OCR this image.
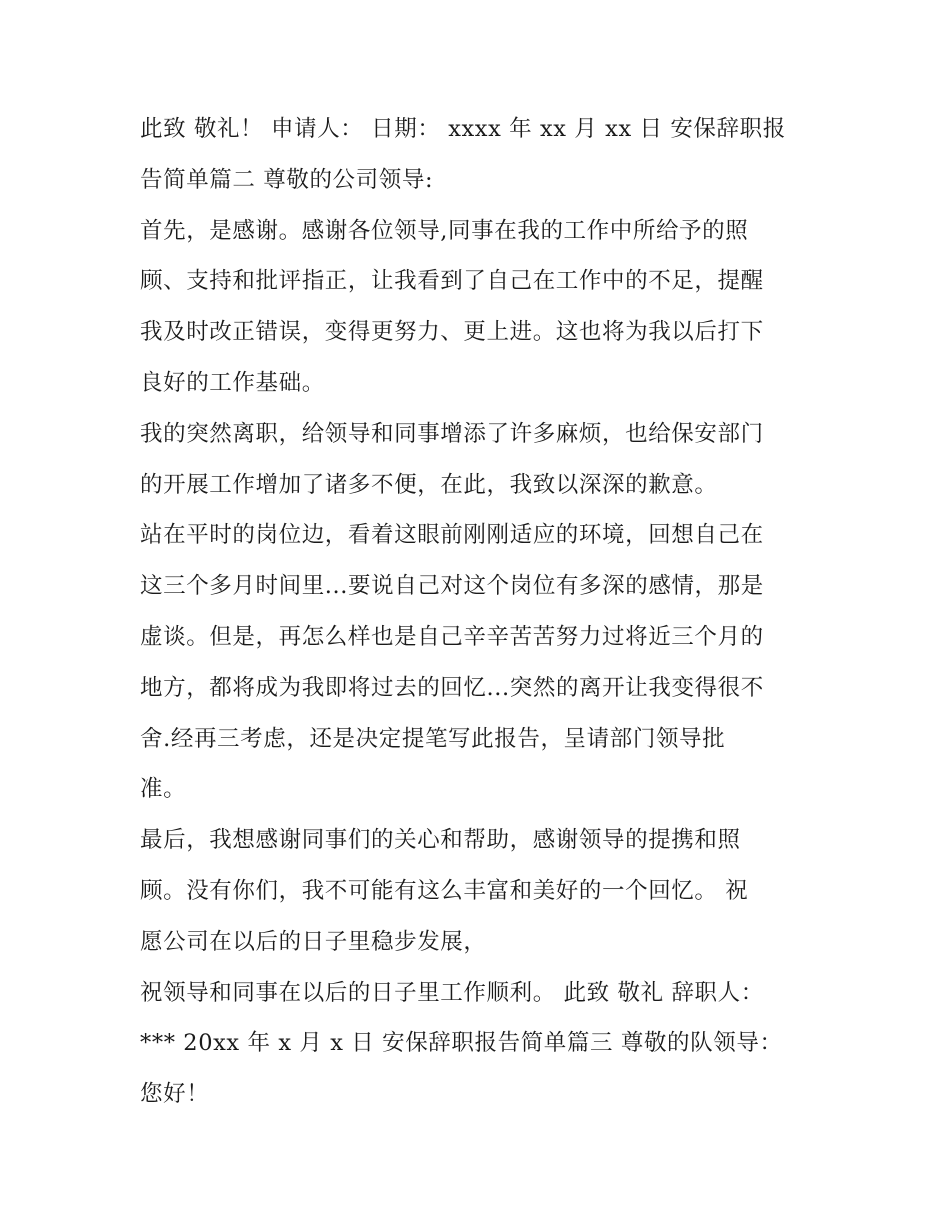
此致 敬礼！ 申请人： 日期： xxxx 年 xx 月 xx 日 安保辞职报
告简单篇二 尊敬的公司领导:
首先，是感谢。感谢各位领导,同事在我的工作中所给予的照
顾、支持和批评指正，让我看到了自己在工作中的不足，提醒
我及时改正错误，变得更努力、更上进。这也将为我以后打下
良好的工作基础。
我的突然离职，给领导和同事增添了许多麻烦，也给保安部门
的开展工作增加了诸多不便，在此，我致以深深的歉意。
站在平时的岗位边，看着这眼前刚刚适应的环境，回想自己在
这三个多月时间里...要说自己对这个岗位有多深的感情，那是
虚谈。但是，再怎么样也是自己辛辛苦苦努力过将近三个月的
地方，都将成为我即将过去的回忆...突然的离开让我变得很不
舍.经再三考虑，还是决定提笔写此报告，呈请部门领导批
准。
最后，我想感谢同事们的关心和帮助，感谢领导的提携和照
顾。没有你们，我不可能有这么丰富和美好的一个回忆。 祝
愿公司在以后的日子里稳步发展，
祝领导和同事在以后的日子里工作顺利。 此致 敬礼 辞职人：
*** 20xx 年 x 月 x 日 安保辞职报告简单篇三 尊敬的队领导：
您好！
